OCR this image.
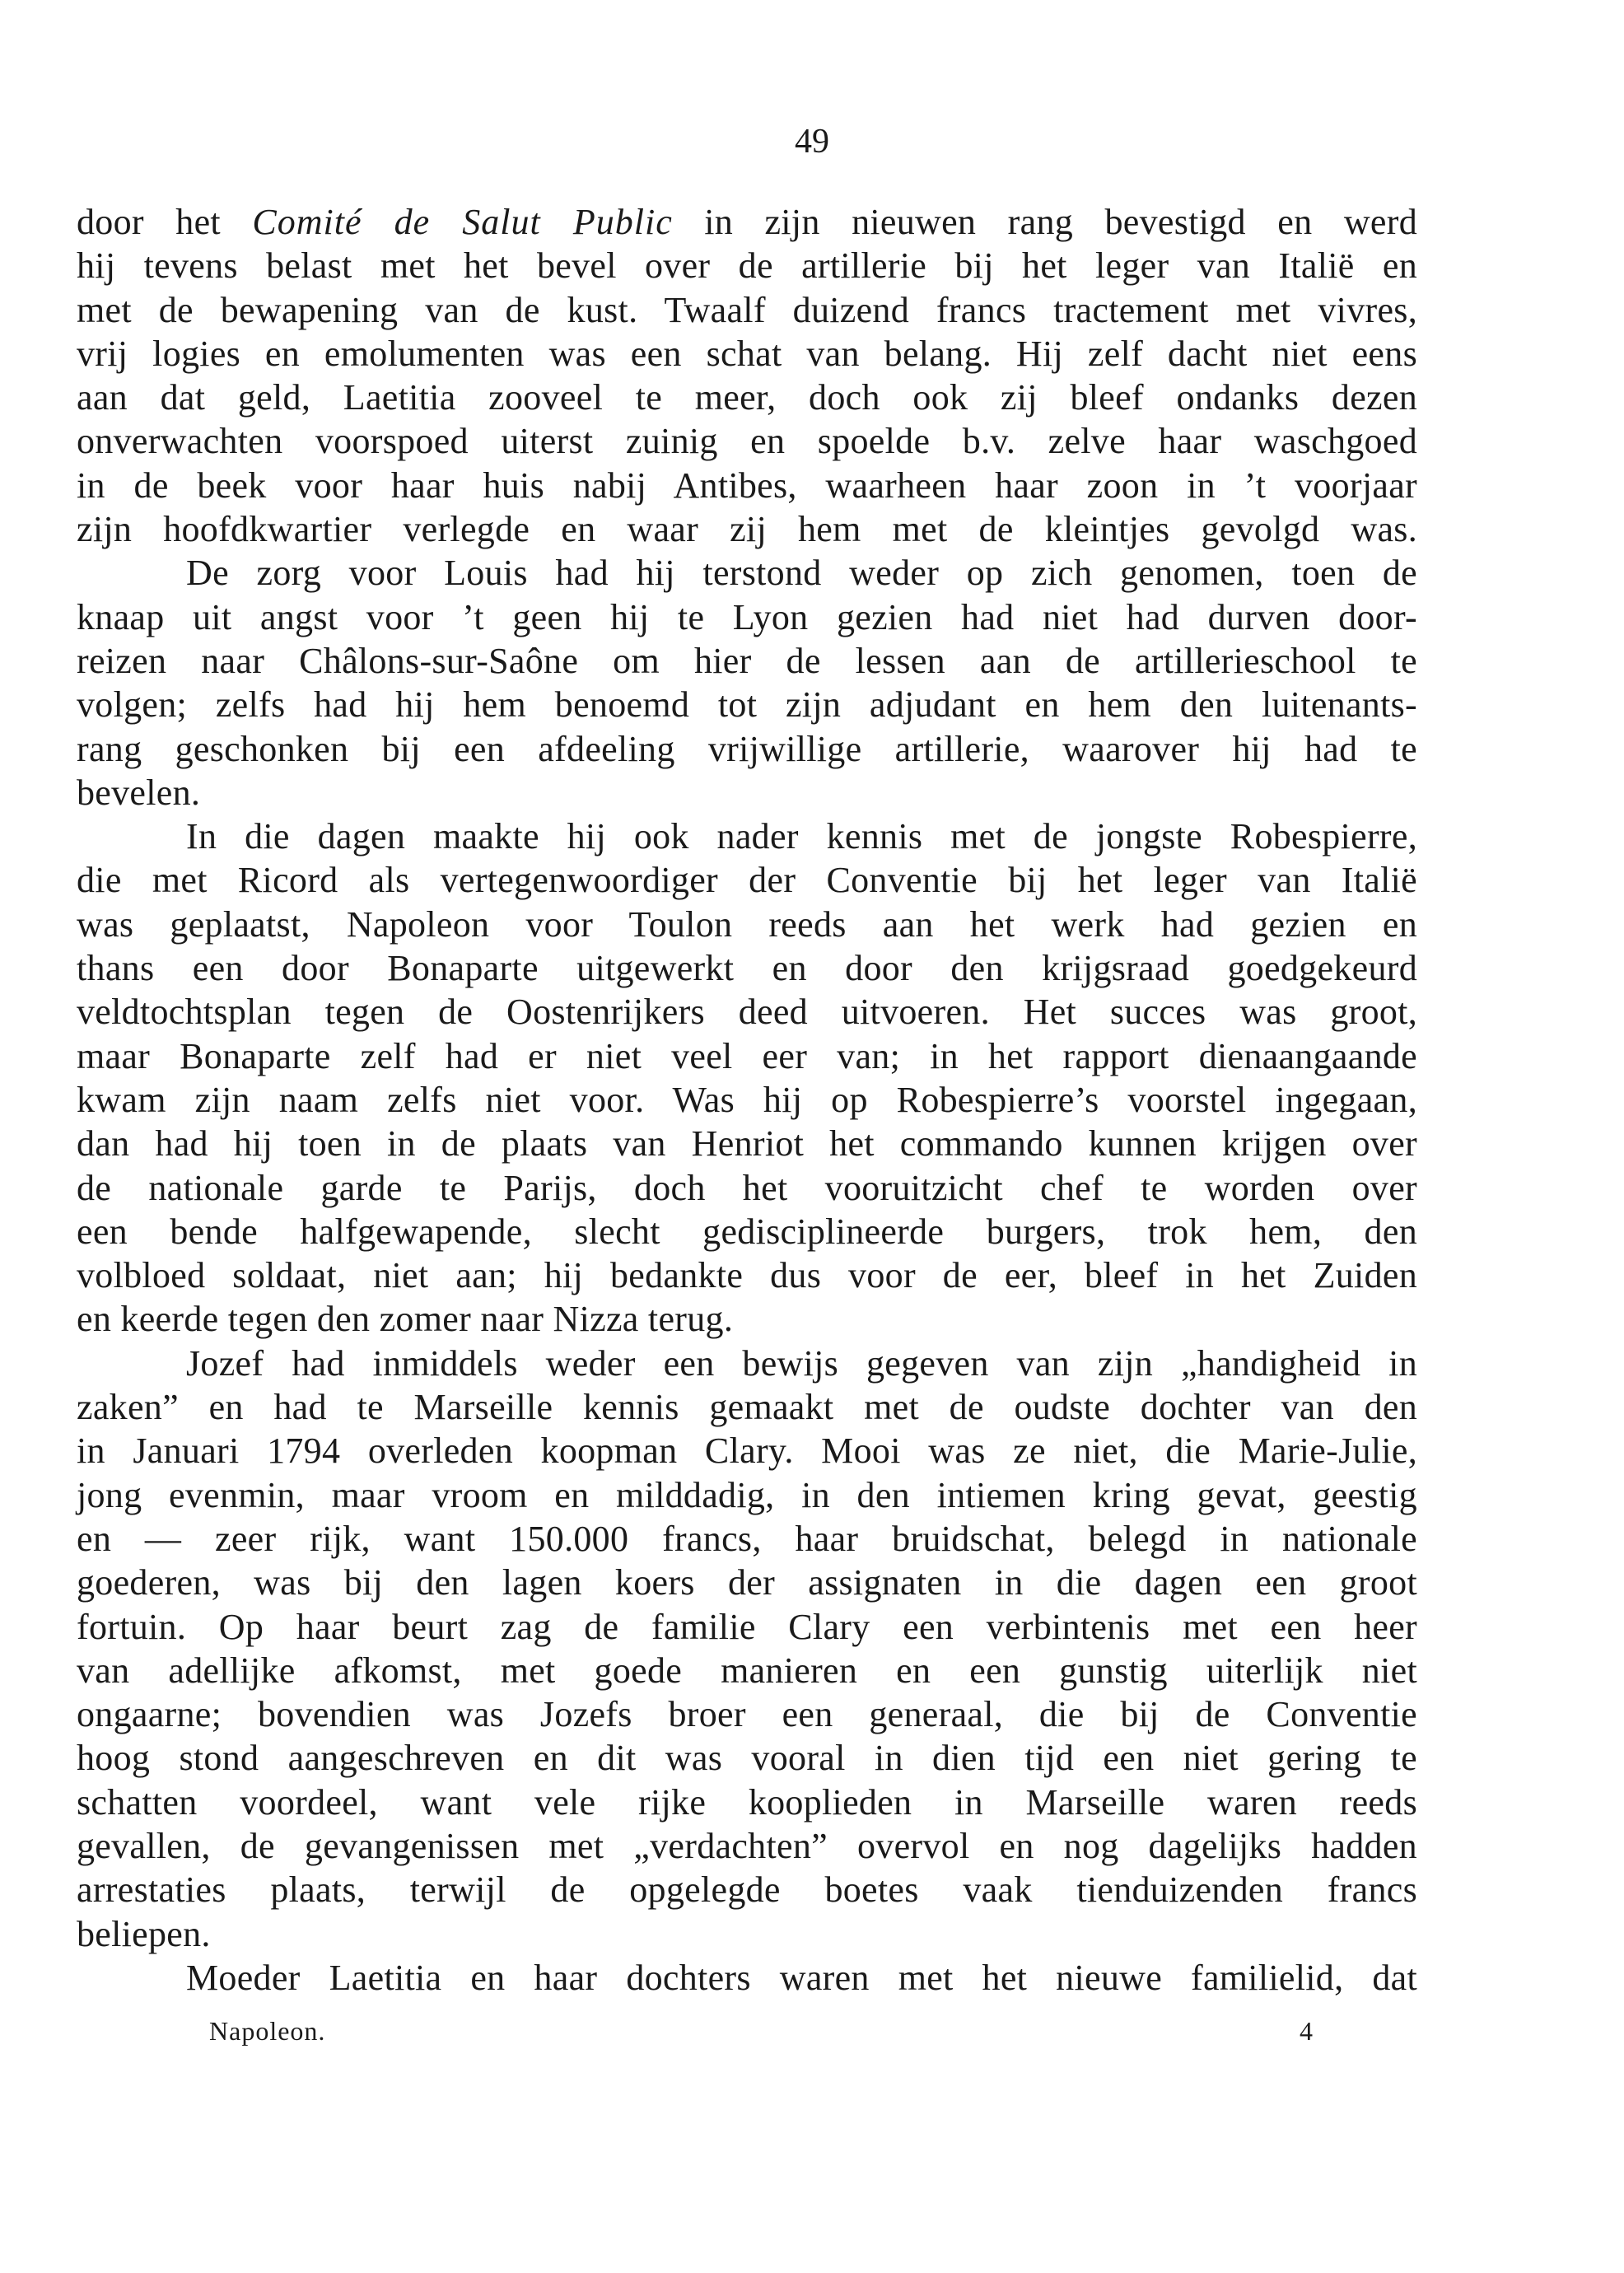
49
door het Comité de Salut Public in zijn nieuwen rang bevestigd en werd
hij tevens belast met het bevel over de artillerie bij het leger van Italië en
met de bewapening van de kust. Twaalf duizend francs tractement met vivres,
vrij logies en emolumenten was een schat van belang. Hij zelf dacht niet eens
aan dat geld, Laetitia zooveel te meer, doch ook zij bleef ondanks dezen
onverwachten voorspoed uiterst zuinig en spoelde b.v. zelve haar waschgoed
in de beek voor haar huis nabij Antibes, waarheen haar zoon in ’t voorjaar
zijn hoofdkwartier verlegde en waar zij hem met de kleintjes gevolgd was.
De zorg voor Louis had hij terstond weder op zich genomen, toen de
knaap uit angst voor ’t geen hij te Lyon gezien had niet had durven door-
reizen naar Châlons-sur-Saône om hier de lessen aan de artillerieschool te
volgen; zelfs had hij hem benoemd tot zijn adjudant en hem den luitenants-
rang geschonken bij een afdeeling vrijwillige artillerie, waarover hij had te
bevelen.
In die dagen maakte hij ook nader kennis met de jongste Robespierre,
die met Ricord als vertegenwoordiger der Conventie bij het leger van Italië
was geplaatst, Napoleon voor Toulon reeds aan het werk had gezien en
thans een door Bonaparte uitgewerkt en door den krijgsraad goedgekeurd
veldtochtsplan tegen de Oostenrijkers deed uitvoeren. Het succes was groot,
maar Bonaparte zelf had er niet veel eer van; in het rapport dienaangaande
kwam zijn naam zelfs niet voor. Was hij op Robespierre’s voorstel ingegaan,
dan had hij toen in de plaats van Henriot het commando kunnen krijgen over
de nationale garde te Parijs, doch het vooruitzicht chef te worden over
een bende halfgewapende, slecht gedisciplineerde burgers, trok hem, den
volbloed soldaat, niet aan; hij bedankte dus voor de eer, bleef in het Zuiden
en keerde tegen den zomer naar Nizza terug.
Jozef had inmiddels weder een bewijs gegeven van zijn „handigheid in
zaken” en had te Marseille kennis gemaakt met de oudste dochter van den
in Januari 1794 overleden koopman Clary. Mooi was ze niet, die Marie-Julie,
jong evenmin, maar vroom en milddadig, in den intiemen kring gevat, geestig
en — zeer rijk, want 150.000 francs, haar bruidschat, belegd in nationale
goederen, was bij den lagen koers der assignaten in die dagen een groot
fortuin. Op haar beurt zag de familie Clary een verbintenis met een heer
van adellijke afkomst, met goede manieren en een gunstig uiterlijk niet
ongaarne; bovendien was Jozefs broer een generaal, die bij de Conventie
hoog stond aangeschreven en dit was vooral in dien tijd een niet gering te
schatten voordeel, want vele rijke kooplieden in Marseille waren reeds
gevallen, de gevangenissen met „verdachten” overvol en nog dagelijks hadden
arrestaties plaats, terwijl de opgelegde boetes vaak tienduizenden francs
beliepen.
Moeder Laetitia en haar dochters waren met het nieuwe familielid, dat
Napoleon.	4
